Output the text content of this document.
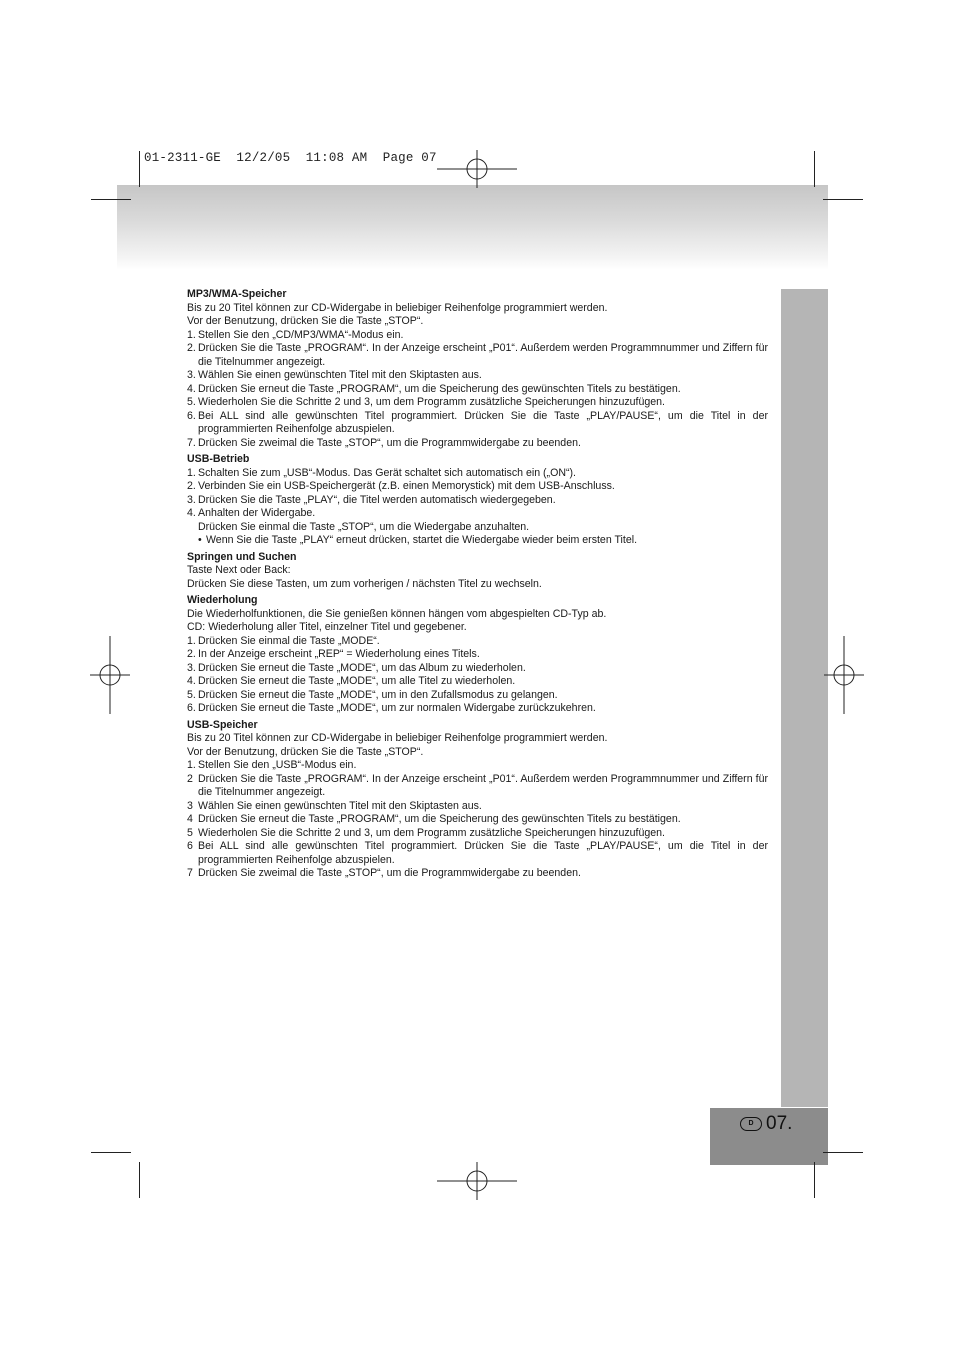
01-2311-GE  12/2/05  11:08 AM  Page 07
D 07.
MP3/WMA-Speicher

Bis zu 20 Titel können zur CD-Widergabe in beliebiger Reihenfolge programmiert werden.

Vor der Benutzung, drücken Sie die Taste „STOP“.

1. Stellen Sie den „CD/MP3/WMA“-Modus ein.
2. Drücken Sie die Taste „PROGRAM“. In der Anzeige erscheint „P01“. Außerdem werden Programmnummer und Ziffern für die Titelnummer angezeigt.
3. Wählen Sie einen gewünschten Titel mit den Skiptasten aus.
4. Drücken Sie erneut die Taste „PROGRAM“, um die Speicherung des gewünschten Titels zu bestätigen.
5. Wiederholen Sie die Schritte 2 und 3, um dem Programm zusätzliche Speicherungen hinzuzufügen.
6. Bei ALL sind alle gewünschten Titel programmiert. Drücken Sie die Taste „PLAY/PAUSE“, um die Titel in der programmierten Reihenfolge abzuspielen.
7. Drücken Sie zweimal die Taste „STOP“, um die Programmwidergabe zu beenden.
USB-Betrieb
1. Schalten Sie zum „USB“-Modus. Das Gerät schaltet sich automatisch ein („ON“).
2. Verbinden Sie ein USB-Speichergerät (z.B. einen Memorystick) mit dem USB-Anschluss.
3. Drücken Sie die Taste „PLAY“, die Titel werden automatisch wiedergegeben.
4. Anhalten der Widergabe.
Drücken Sie einmal die Taste „STOP“, um die Wiedergabe anzuhalten.
• Wenn Sie die Taste „PLAY“ erneut drücken, startet die Wiedergabe wieder beim ersten Titel.
Springen und Suchen

Taste Next oder Back:

Drücken Sie diese Tasten, um zum vorherigen / nächsten Titel zu wechseln.

Wiederholung

Die Wiederholfunktionen, die Sie genießen können hängen vom abgespielten CD-Typ ab.

CD: Wiederholung aller Titel, einzelner Titel und gegebener.

1. Drücken Sie einmal die Taste „MODE“.
2. In der Anzeige erscheint „REP“ = Wiederholung eines Titels.
3. Drücken Sie erneut die Taste „MODE“, um das Album zu wiederholen.
4. Drücken Sie erneut die Taste „MODE“, um alle Titel zu wiederholen.
5. Drücken Sie erneut die Taste „MODE“, um in den Zufallsmodus zu gelangen.
6. Drücken Sie erneut die Taste „MODE“, um zur normalen Widergabe zurückzukehren.
USB-Speicher

Bis zu 20 Titel können zur CD-Widergabe in beliebiger Reihenfolge programmiert werden.

Vor der Benutzung, drücken Sie die Taste „STOP“.

1. Stellen Sie den „USB“-Modus ein.
2 Drücken Sie die Taste „PROGRAM“. In der Anzeige erscheint „P01“. Außerdem werden Programmnummer und Ziffern für die Titelnummer angezeigt.
3 Wählen Sie einen gewünschten Titel mit den Skiptasten aus.
4 Drücken Sie erneut die Taste „PROGRAM“, um die Speicherung des gewünschten Titels zu bestätigen.
5 Wiederholen Sie die Schritte 2 und 3, um dem Programm zusätzliche Speicherungen hinzuzufügen.
6 Bei ALL sind alle gewünschten Titel programmiert. Drücken Sie die Taste „PLAY/PAUSE“, um die Titel in der programmierten Reihenfolge abzuspielen.
7 Drücken Sie zweimal die Taste „STOP“, um die Programmwidergabe zu beenden.
